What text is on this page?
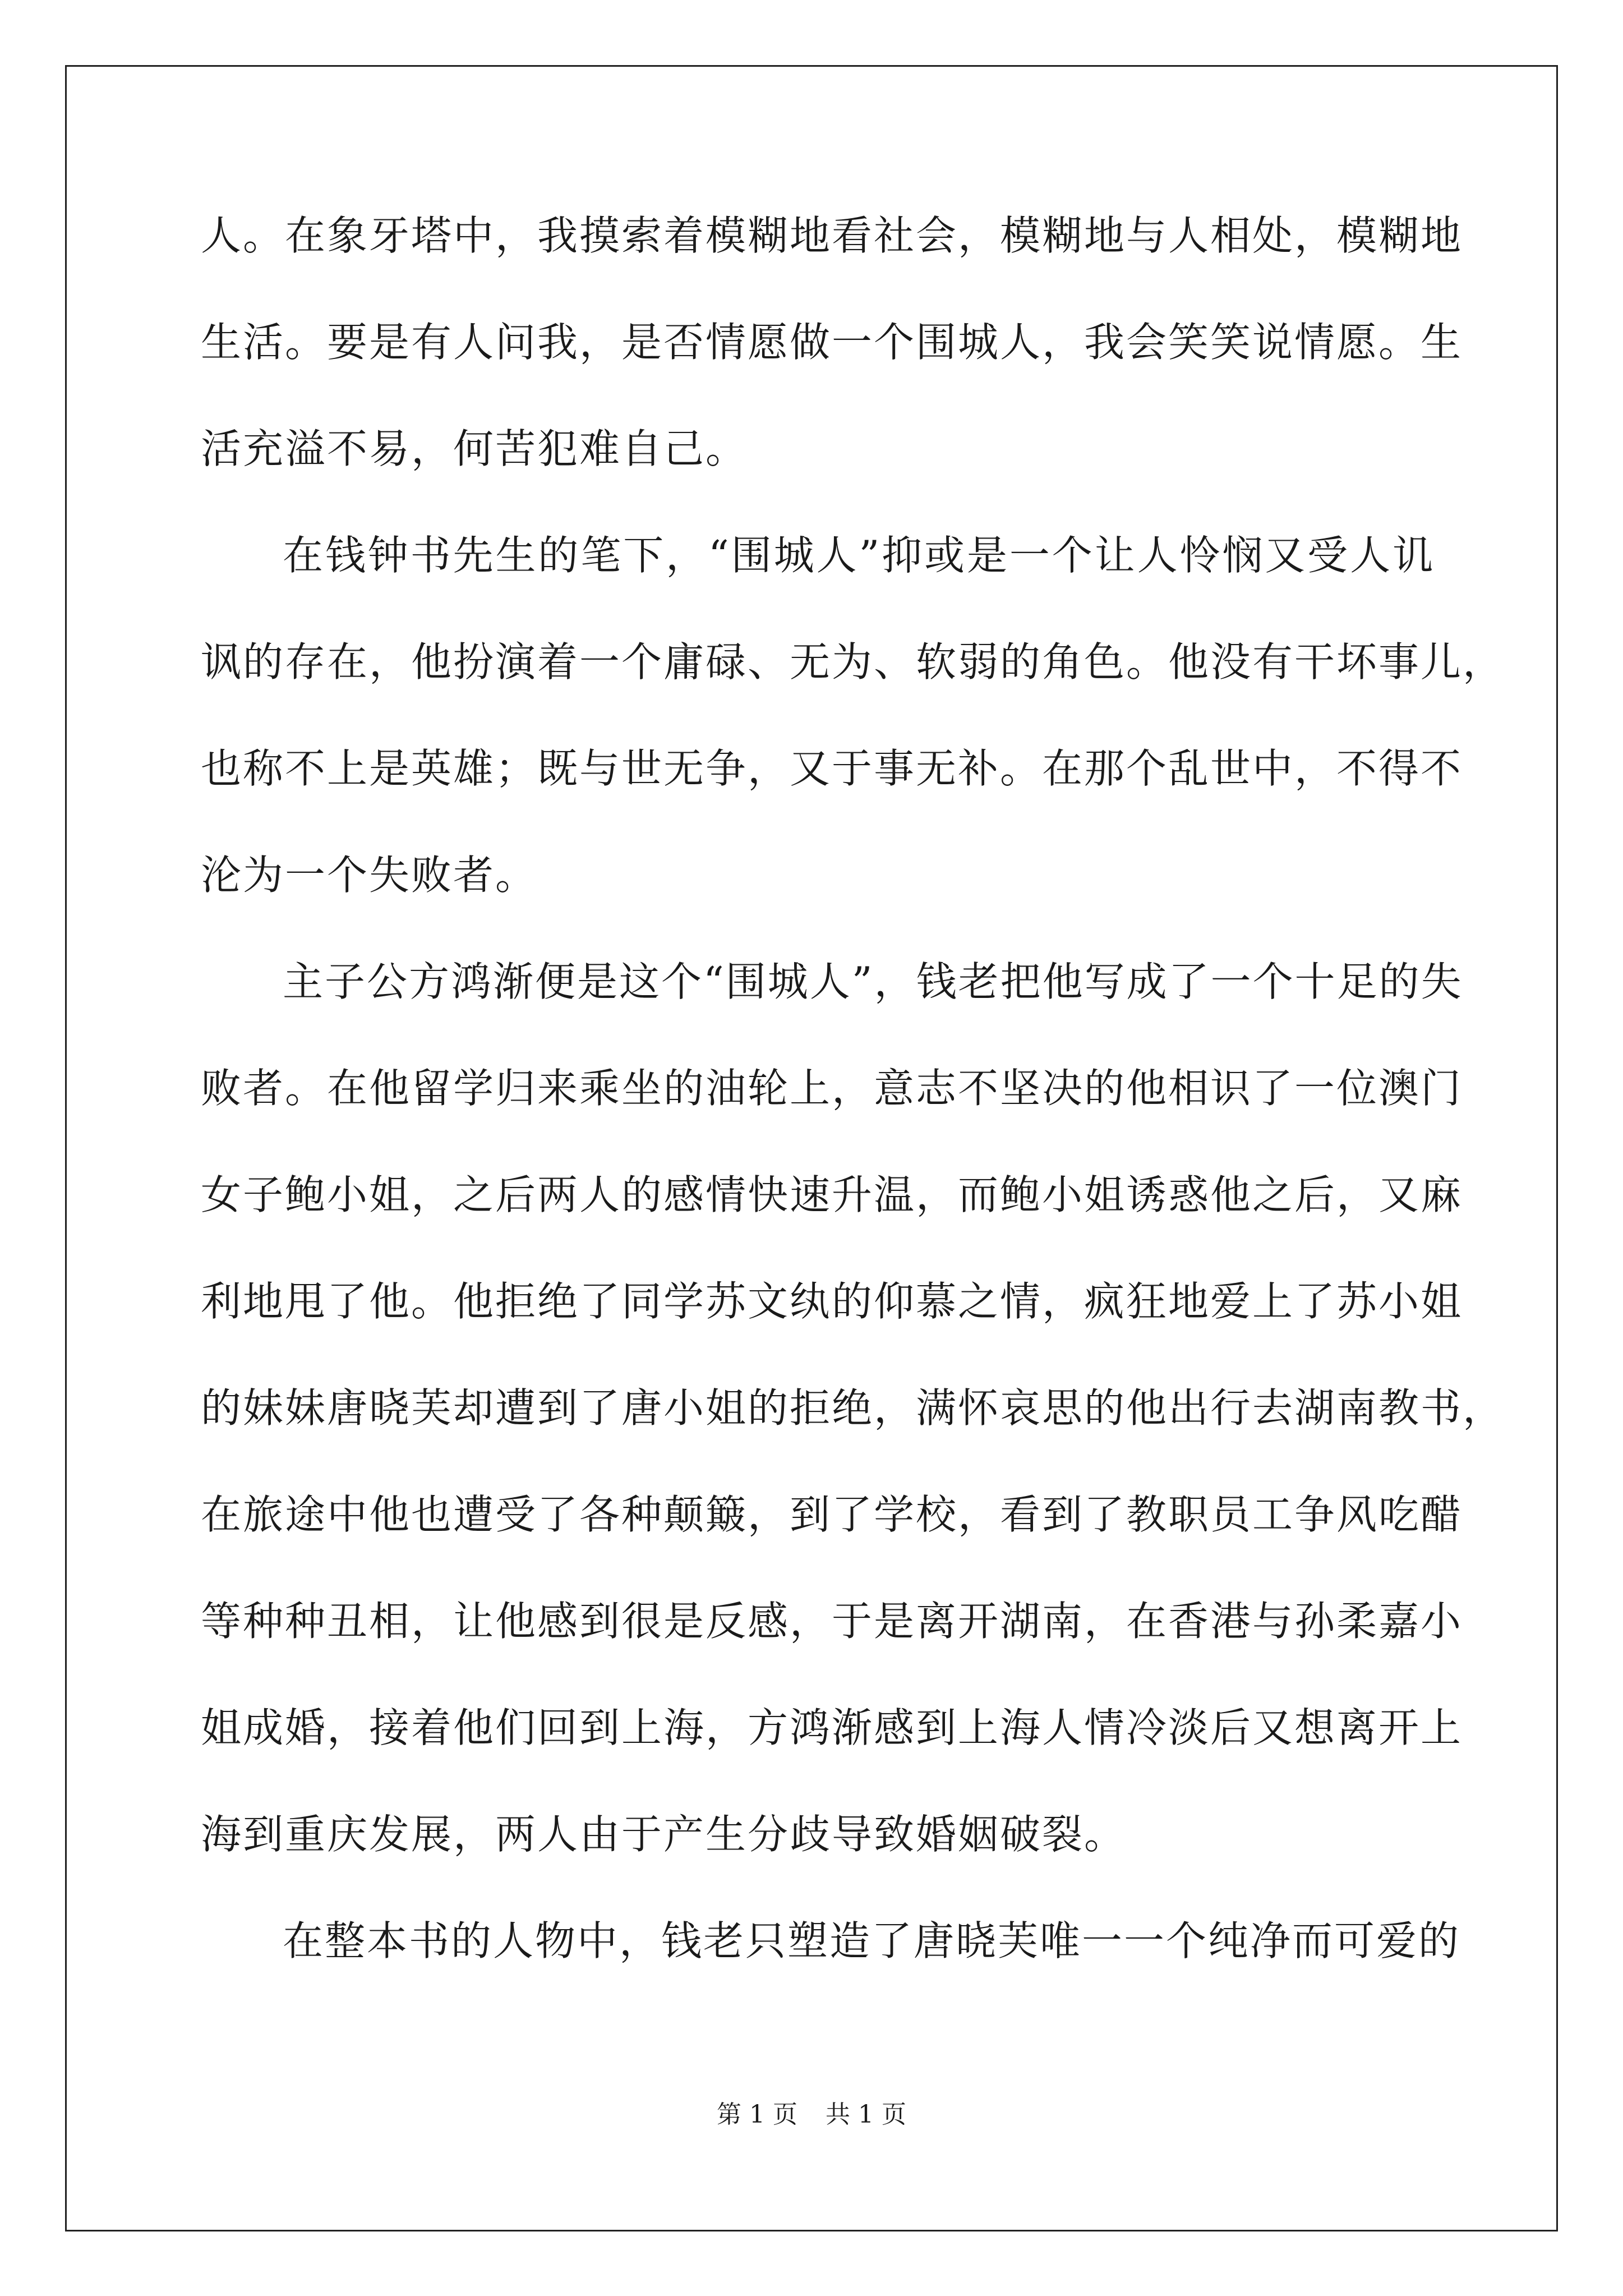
人。在象牙塔中，我摸索着模糊地看社会，模糊地与人相处，模糊地
生活。要是有人问我，是否情愿做一个围城人，我会笑笑说情愿。生
活充溢不易，何苦犯难自己。
在钱钟书先生的笔下，“围城人”抑或是一个让人怜悯又受人讥
讽的存在，他扮演着一个庸碌、无为、软弱的角色。他没有干坏事儿，
也称不上是英雄；既与世无争，又于事无补。在那个乱世中，不得不
沦为一个失败者。
主子公方鸿渐便是这个“围城人”，钱老把他写成了一个十足的失
败者。在他留学归来乘坐的油轮上，意志不坚决的他相识了一位澳门
女子鲍小姐，之后两人的感情快速升温，而鲍小姐诱惑他之后，又麻
利地甩了他。他拒绝了同学苏文纨的仰慕之情，疯狂地爱上了苏小姐
的妹妹唐晓芙却遭到了唐小姐的拒绝，满怀哀思的他出行去湖南教书，
在旅途中他也遭受了各种颠簸，到了学校，看到了教职员工争风吃醋
等种种丑相，让他感到很是反感，于是离开湖南，在香港与孙柔嘉小
姐成婚，接着他们回到上海，方鸿渐感到上海人情冷淡后又想离开上
海到重庆发展，两人由于产生分歧导致婚姻破裂。
在整本书的人物中，钱老只塑造了唐晓芙唯一一个纯净而可爱的
第 1 页 共 1 页
